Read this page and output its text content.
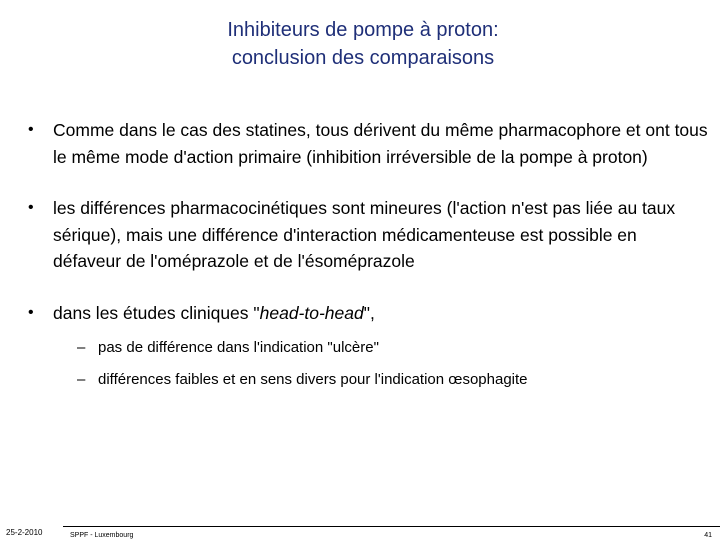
Inhibiteurs de pompe à proton:
conclusion des comparaisons
•	Comme dans le cas des statines, tous dérivent du même pharmacophore et ont tous le même mode d'action primaire (inhibition irréversible de la pompe à proton)
•	les différences pharmacocinétiques sont mineures (l'action n'est pas liée au taux sérique), mais une différence d'interaction médicamenteuse est possible en défaveur de l'oméprazole et de l'ésoméprazole
•	dans les études cliniques "head-to-head",
– pas de différence dans l'indication "ulcère"
– différences faibles et en sens divers pour l'indication œsophagite
25-2-2010	SPPF - Luxembourg	41
